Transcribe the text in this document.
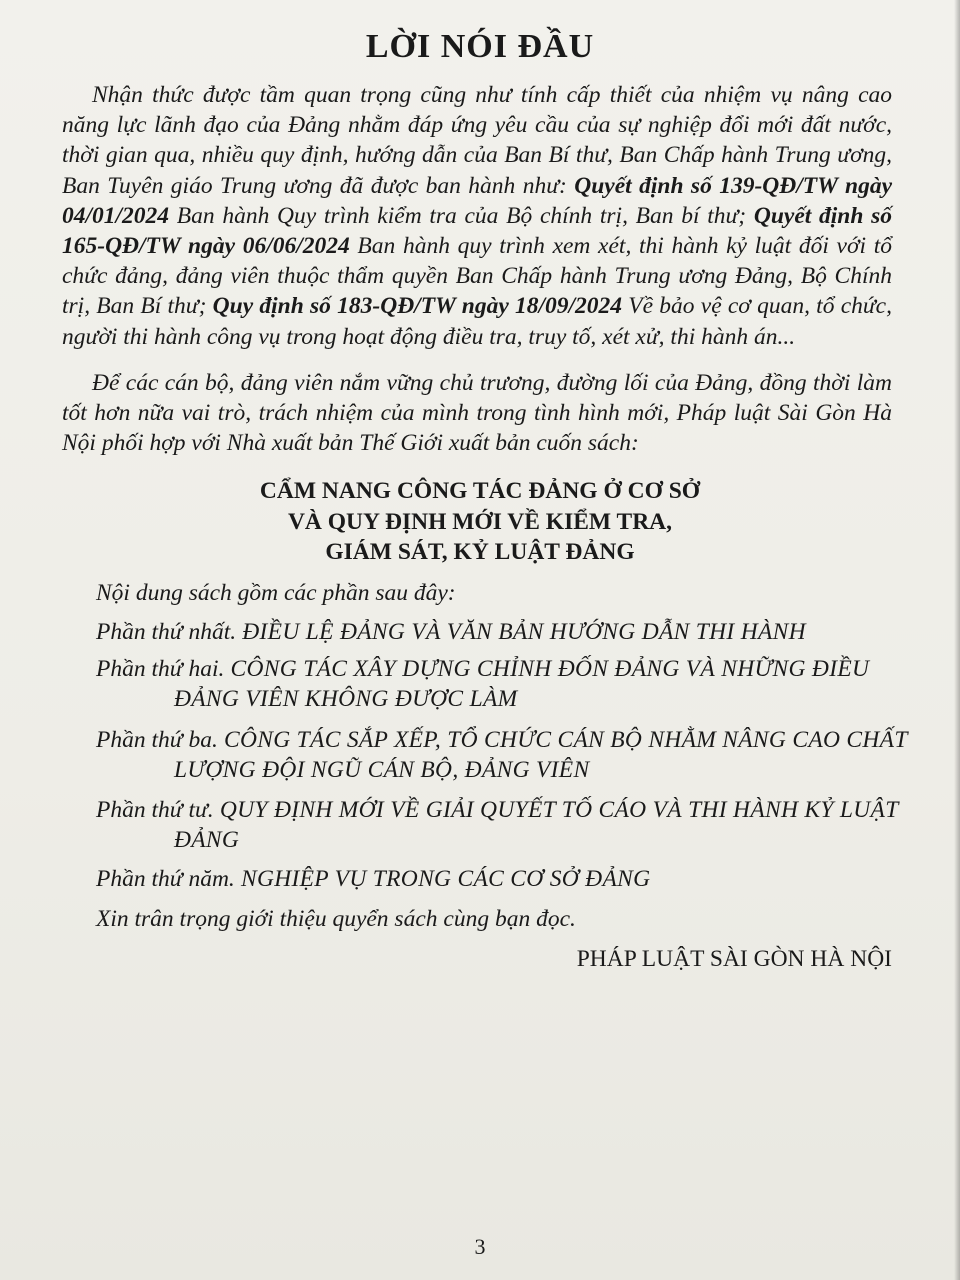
LỜI NÓI ĐẦU

Nhận thức được tầm quan trọng cũng như tính cấp thiết của nhiệm vụ nâng cao năng lực lãnh đạo của Đảng nhằm đáp ứng yêu cầu của sự nghiệp đổi mới đất nước, thời gian qua, nhiều quy định, hướng dẫn của Ban Bí thư, Ban Chấp hành Trung ương, Ban Tuyên giáo Trung ương đã được ban hành như: Quyết định số 139-QĐ/TW ngày 04/01/2024 Ban hành Quy trình kiểm tra của Bộ chính trị, Ban bí thư; Quyết định số 165-QĐ/TW ngày 06/06/2024 Ban hành quy trình xem xét, thi hành kỷ luật đối với tổ chức đảng, đảng viên thuộc thẩm quyền Ban Chấp hành Trung ương Đảng, Bộ Chính trị, Ban Bí thư; Quy định số 183-QĐ/TW ngày 18/09/2024 Về bảo vệ cơ quan, tổ chức, người thi hành công vụ trong hoạt động điều tra, truy tố, xét xử, thi hành án...

Để các cán bộ, đảng viên nắm vững chủ trương, đường lối của Đảng, đồng thời làm tốt hơn nữa vai trò, trách nhiệm của mình trong tình hình mới, Pháp luật Sài Gòn Hà Nội phối hợp với Nhà xuất bản Thế Giới xuất bản cuốn sách:

CẨM NANG CÔNG TÁC ĐẢNG Ở CƠ SỞ
VÀ QUY ĐỊNH MỚI VỀ KIỂM TRA,
GIÁM SÁT, KỶ LUẬT ĐẢNG
Nội dung sách gồm các phần sau đây:
Phần thứ nhất. ĐIỀU LỆ ĐẢNG VÀ VĂN BẢN HƯỚNG DẪN THI HÀNH
Phần thứ hai. CÔNG TÁC XÂY DỰNG CHỈNH ĐỐN ĐẢNG VÀ NHỮNG ĐIỀU
ĐẢNG VIÊN KHÔNG ĐƯỢC LÀM
Phần thứ ba. CÔNG TÁC SẮP XẾP, TỔ CHỨC CÁN BỘ NHẰM NÂNG CAO CHẤT
LƯỢNG ĐỘI NGŨ CÁN BỘ, ĐẢNG VIÊN
Phần thứ tư. QUY ĐỊNH MỚI VỀ GIẢI QUYẾT TỐ CÁO VÀ THI HÀNH KỶ LUẬT
ĐẢNG
Phần thứ năm. NGHIỆP VỤ TRONG CÁC CƠ SỞ ĐẢNG
Xin trân trọng giới thiệu quyển sách cùng bạn đọc.
PHÁP LUẬT SÀI GÒN HÀ NỘI
3
